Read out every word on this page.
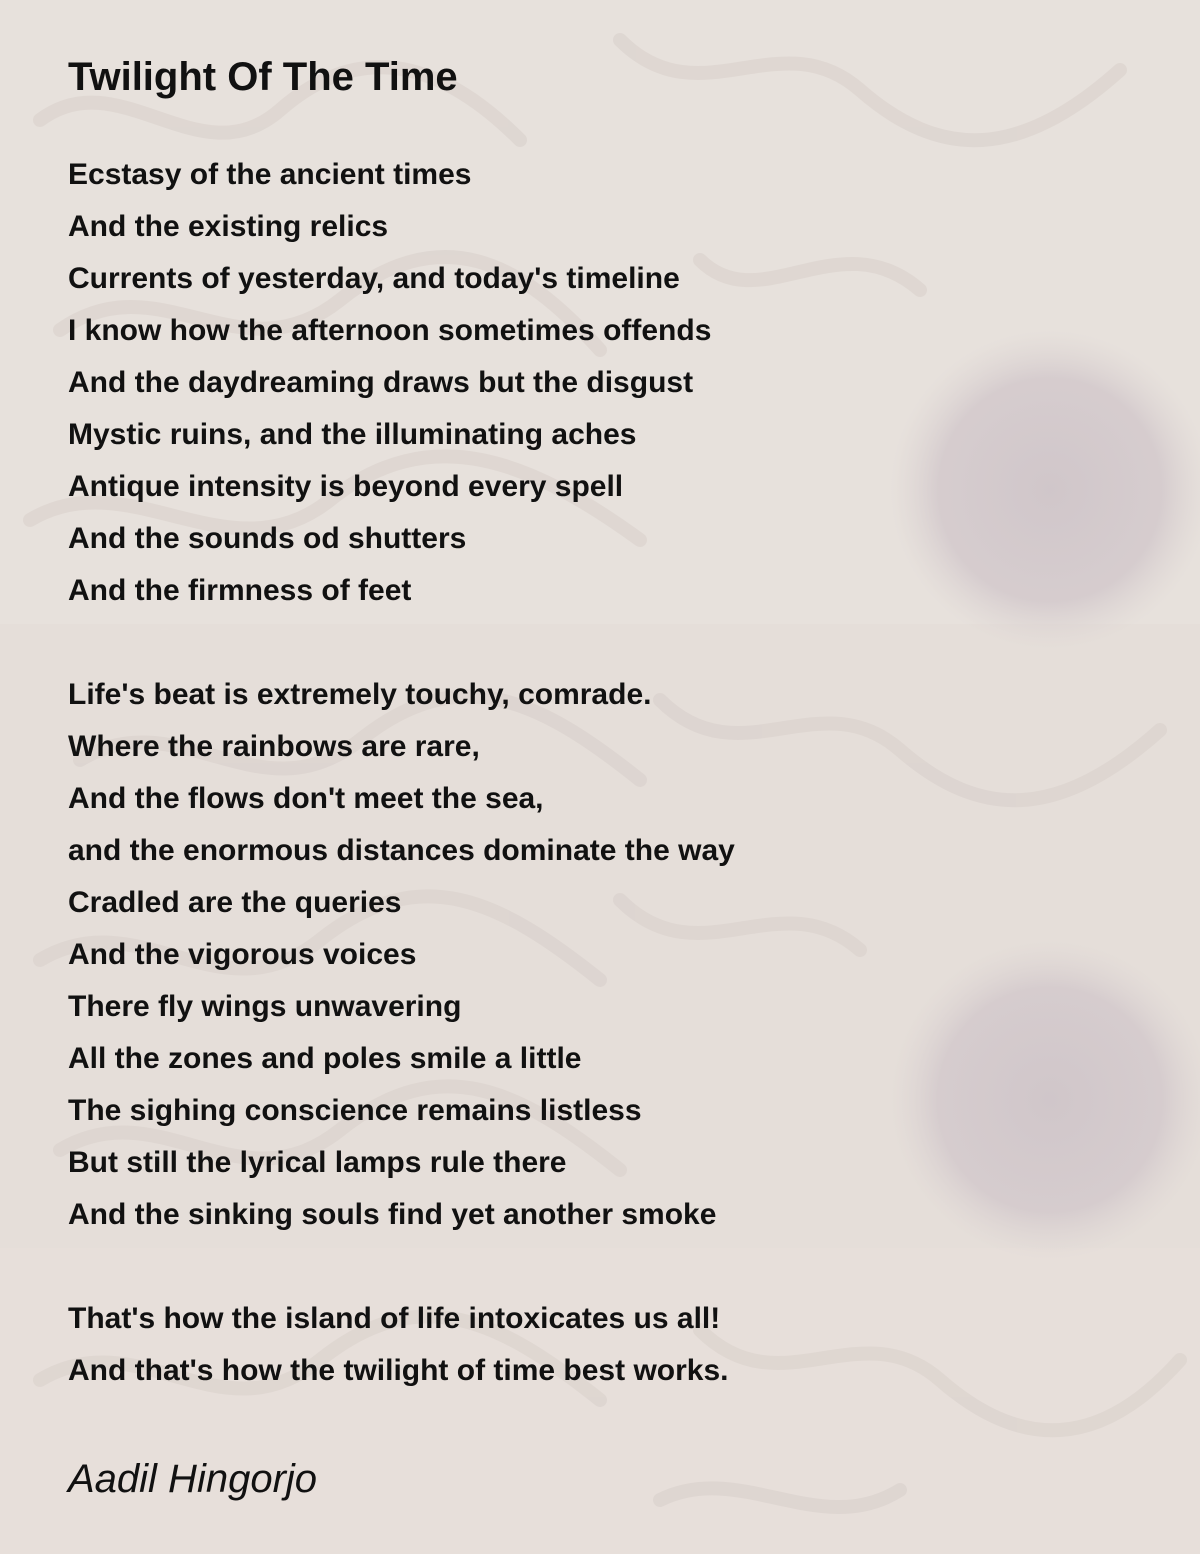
Twilight Of The Time
Ecstasy of the ancient times
And the existing relics
Currents of yesterday, and today's timeline
I know how the afternoon sometimes offends
And the daydreaming draws but the disgust
Mystic ruins, and the illuminating aches
Antique intensity is beyond every spell
And the sounds od shutters
And the firmness of feet
Life's beat is extremely touchy, comrade.
Where the rainbows are rare,
And the flows don't meet the sea,
and the enormous distances dominate the way
Cradled are the queries
And the vigorous voices
There fly wings unwavering
All the zones and poles smile a little
The sighing conscience remains listless
But still the lyrical lamps rule there
And the sinking souls find yet another smoke
That's how the island of life intoxicates us all!
And that's how the twilight of time best works.
Aadil Hingorjo
